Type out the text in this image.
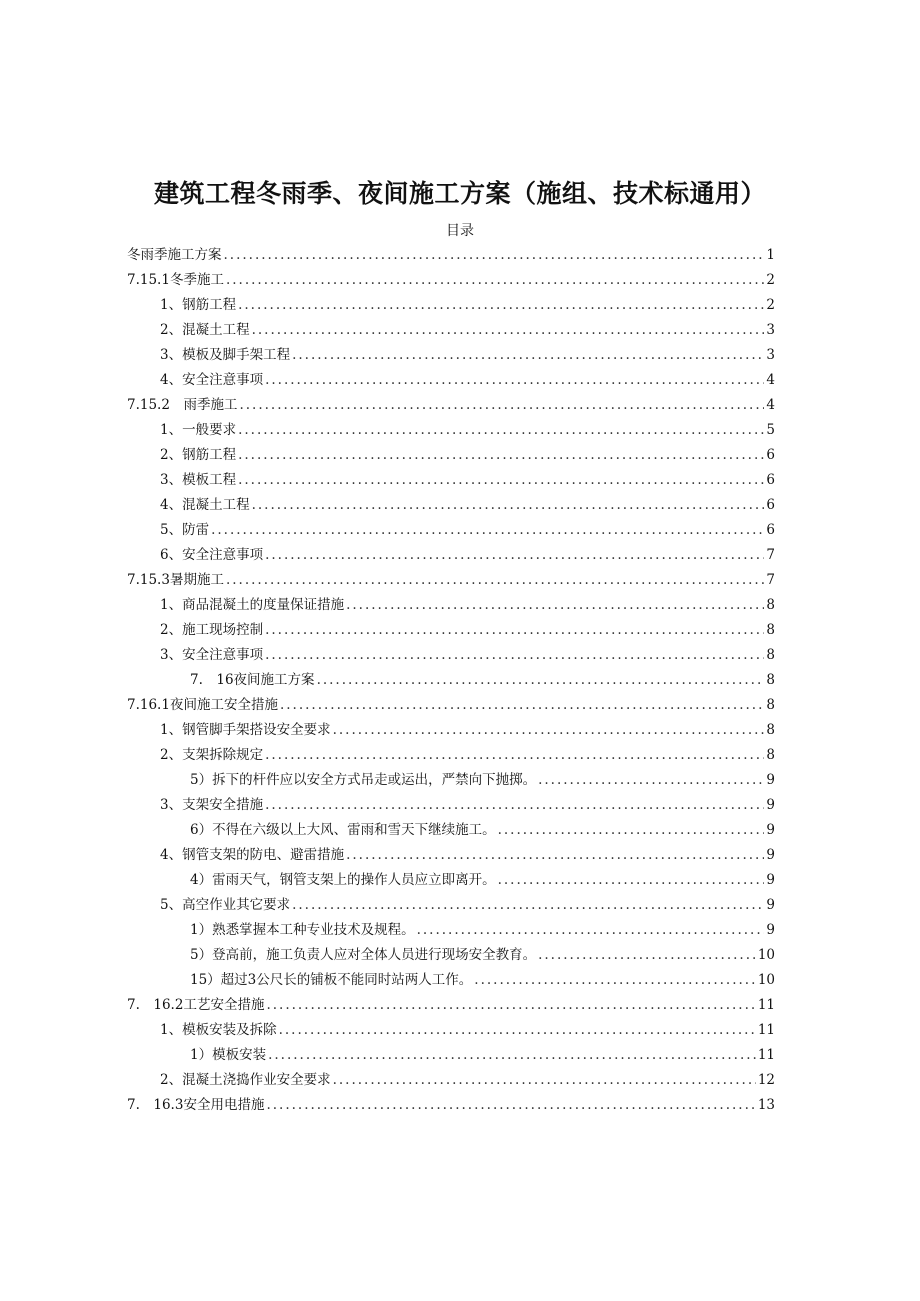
建筑工程冬雨季、夜间施工方案（施组、技术标通用）
目录
冬雨季施工方案 .....	1
7.15.1冬季施工 .....	2
1、钢筋工程 .....	2
2、混凝土工程 .....	3
3、模板及脚手架工程 .....	3
4、安全注意事项 .....	4
7.15.2　雨季施工 .....	4
1、一般要求 .....	5
2、钢筋工程 .....	6
3、模板工程 .....	6
4、混凝土工程 .....	6
5、防雷 .....	6
6、安全注意事项 .....	7
7.15.3暑期施工 .....	7
1、商品混凝土的度量保证措施 .....	8
2、施工现场控制 .....	8
3、安全注意事项 .....	8
7.　16夜间施工方案 .....	8
7.16.1夜间施工安全措施 .....	8
1、钢管脚手架搭设安全要求 .....	8
2、支架拆除规定 .....	8
5）拆下的杆件应以安全方式吊走或运出，严禁向下抛掷。 .....	9
3、支架安全措施 .....	9
6）不得在六级以上大风、雷雨和雪天下继续施工。 .....	9
4、钢管支架的防电、避雷措施 .....	9
4）雷雨天气，钢管支架上的操作人员应立即离开。 .....	9
5、高空作业其它要求 .....	9
1）熟悉掌握本工种专业技术及规程。 .....	9
5）登高前，施工负责人应对全体人员进行现场安全教育。 .....	10
15）超过3公尺长的铺板不能同时站两人工作。 .....	10
7.　16.2工艺安全措施 .....	11
1、模板安装及拆除 .....	11
1）模板安装 .....	11
2、混凝土浇捣作业安全要求 .....	12
7.　16.3安全用电措施 .....	13
